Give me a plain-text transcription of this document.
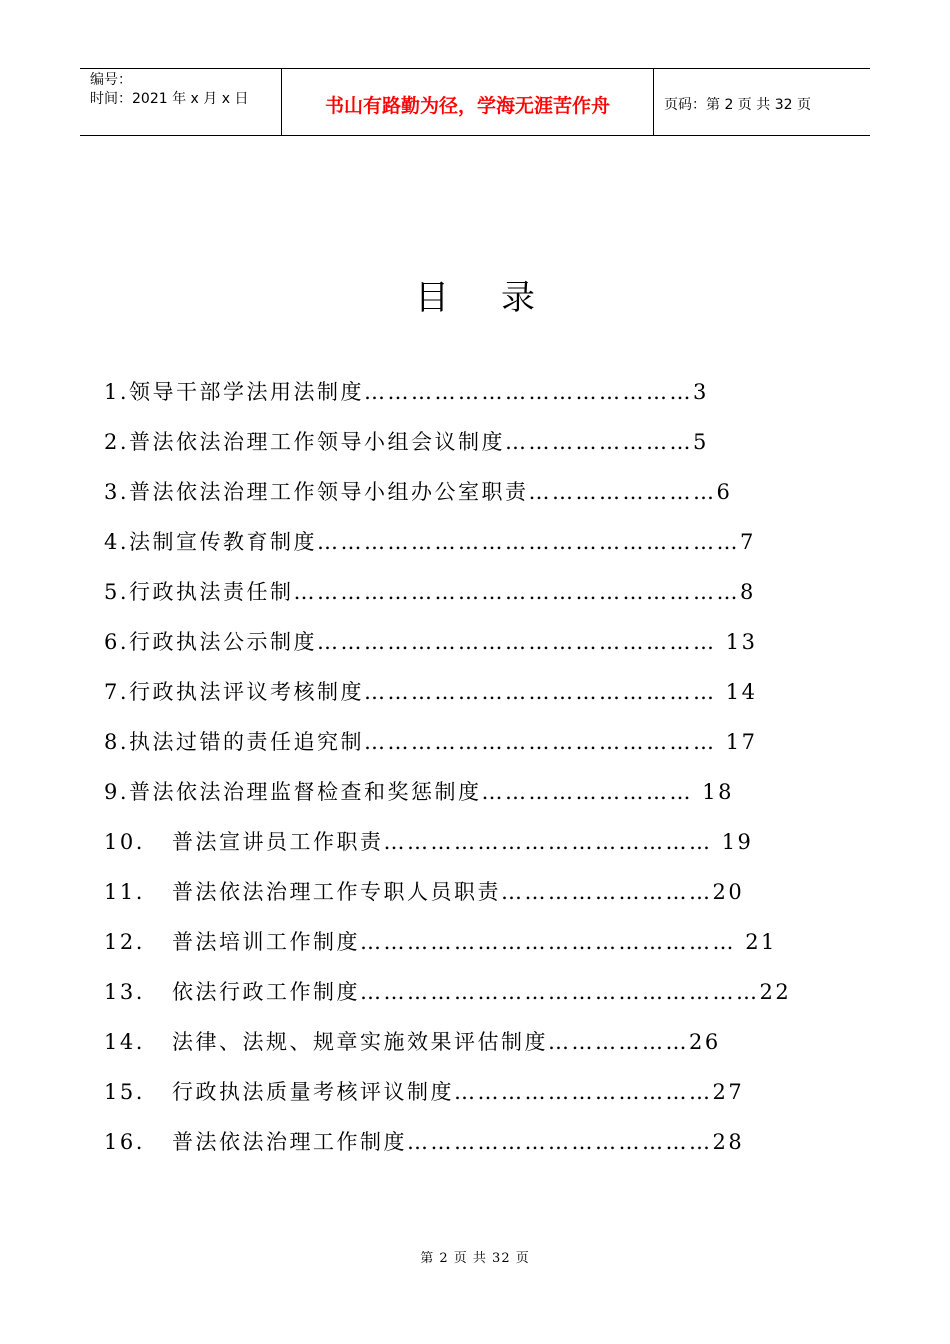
编号：
时间：2021 年 x 月 x 日	书山有路勤为径，学海无涯苦作舟	页码：第 2 页 共 32 页
目录
1.领导干部学法用法制度……………………………………3
2.普法依法治理工作领导小组会议制度……………………5
3.普法依法治理工作领导小组办公室职责……………………6
4.法制宣传教育制度………………………………………………7
5.行政执法责任制…………………………………………………8
6.行政执法公示制度…………………………………………… 13
7.行政执法评议考核制度……………………………………… 14
8.执法过错的责任追究制……………………………………… 17
9.普法依法治理监督检查和奖惩制度……………………… 18
10. 普法宣讲员工作职责…………………………………… 19
11. 普法依法治理工作专职人员职责………………………20
12. 普法培训工作制度………………………………………… 21
13. 依法行政工作制度……………………………………………22
14. 法律、法规、规章实施效果评估制度………………26
15. 行政执法质量考核评议制度……………………………27
16. 普法依法治理工作制度…………………………………28
第 2 页 共 32 页
